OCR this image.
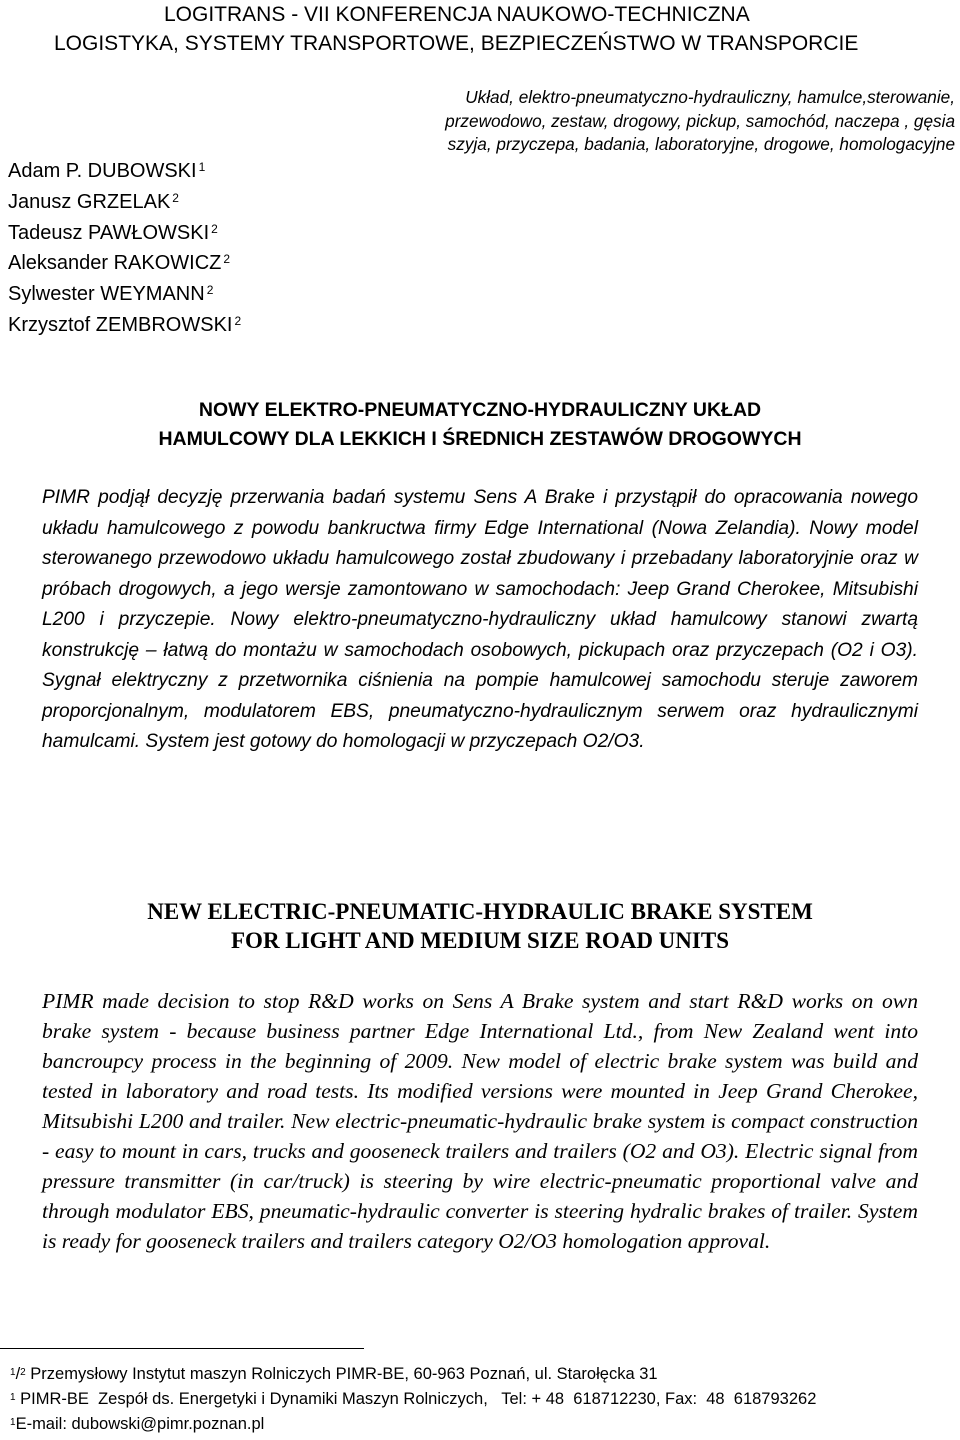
LOGITRANS - VII KONFERENCJA NAUKOWO-TECHNICZNA
LOGISTYKA, SYSTEMY TRANSPORTOWE, BEZPIECZEŃSTWO W TRANSPORCIE
Układ, elektro-pneumatyczno-hydrauliczny, hamulce,sterowanie,
przewodowo, zestaw, drogowy, pickup, samochód, naczepa , gęsia
szyja, przyczepa, badania, laboratoryjne, drogowe, homologacyjne
Adam P. DUBOWSKI $^1$
Janusz GRZELAK $^2$
Tadeusz PAWŁOWSKI $^2$
Aleksander RAKOWICZ $^2$
Sylwester WEYMANN $^2$
Krzysztof ZEMBROWSKI $^2$
NOWY ELEKTRO-PNEUMATYCZNO-HYDRAULICZNY UKŁAD
HAMULCOWY DLA LEKKICH I ŚREDNICH ZESTAWÓW DROGOWYCH

PIMR podjął decyzję przerwania badań systemu Sens A Brake i przystąpił do opracowania nowego układu hamulcowego z powodu bankructwa firmy Edge International (Nowa Zelandia). Nowy model sterowanego przewodowo układu hamulcowego został zbudowany i przebadany laboratoryjnie oraz w próbach drogowych, a jego wersje zamontowano w samochodach: Jeep Grand Cherokee, Mitsubishi L200 i przyczepie. Nowy elektro-pneumatyczno-hydrauliczny układ hamulcowy stanowi zwartą konstrukcję – łatwą do montażu w samochodach osobowych, pickupach oraz przyczepach (O2 i O3). Sygnał elektryczny z przetwornika ciśnienia na pompie hamulcowej samochodu steruje zaworem proporcjonalnym, modulatorem EBS, pneumatyczno-hydraulicznym serwem oraz hydraulicznymi hamulcami. System jest gotowy do homologacji w przyczepach O2/O3.

NEW ELECTRIC-PNEUMATIC-HYDRAULIC BRAKE SYSTEM
FOR LIGHT AND MEDIUM SIZE ROAD UNITS

PIMR made decision to stop R&D works on Sens A Brake system and start R&D works on own brake system - because business partner Edge International Ltd., from New Zealand went into bancroupcy process in the beginning of 2009. New model of electric brake system was build and tested in laboratory and road tests. Its modified versions were mounted in Jeep Grand Cherokee, Mitsubishi L200 and trailer. New electric-pneumatic-hydraulic brake system is compact construction - easy to mount in cars, trucks and gooseneck trailers and trailers (O2 and O3). Electric signal from pressure transmitter (in car/truck) is steering by wire electric-pneumatic proportional valve and through modulator EBS, pneumatic-hydraulic converter is steering hydralic brakes of trailer. System is ready for gooseneck trailers and trailers category O2/O3 homologation approval.

$^1$/$^2$ Przemysłowy Instytut maszyn Rolniczych PIMR-BE, 60-963 Poznań, ul. Starołęcka 31
$^1$ PIMR-BE  Zespół ds. Energetyki i Dynamiki Maszyn Rolniczych,   Tel: + 48  618712230, Fax:  48  618793262
$^1$E-mail: dubowski@pimr.poznan.pl
